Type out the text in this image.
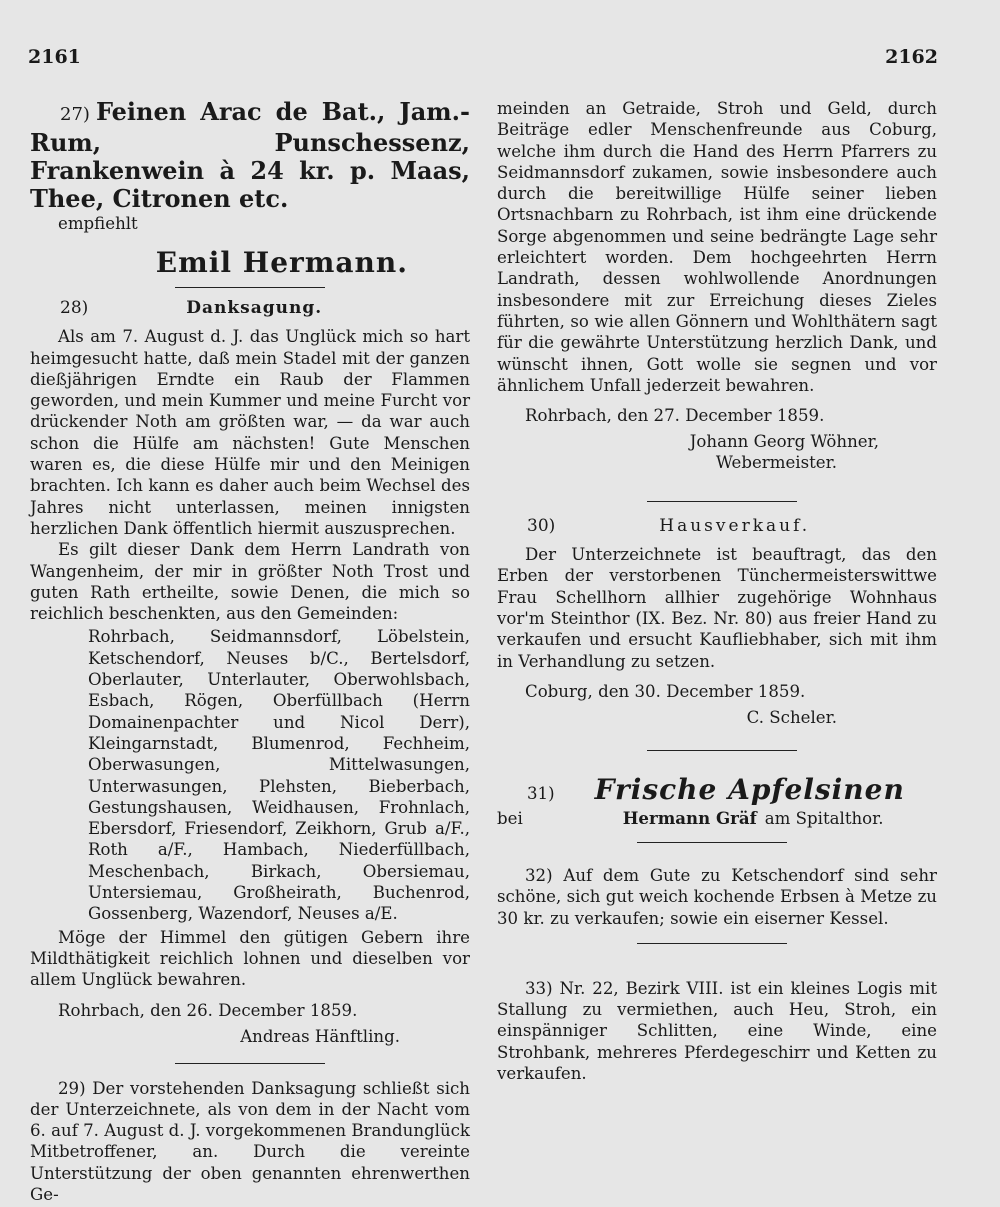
2161	2162

27) Feinen Arac de Bat., Jam.-Rum, Punschessenz, Frankenwein à 24 kr. p. Maas, Thee, Citronen etc.

empfiehlt

Emil Hermann.
28)	Danksagung.

Als am 7. August d. J. das Unglück mich so hart heimgesucht hatte, daß mein Stadel mit der ganzen dießjährigen Erndte ein Raub der Flammen geworden, und mein Kummer und meine Furcht vor drückender Noth am größten war, — da war auch schon die Hülfe am nächsten! Gute Menschen waren es, die diese Hülfe mir und den Meinigen brachten. Ich kann es daher auch beim Wechsel des Jahres nicht unterlassen, meinen innigsten herzlichen Dank öffentlich hiermit auszusprechen.

Es gilt dieser Dank dem Herrn Landrath von Wangenheim, der mir in größter Noth Trost und guten Rath ertheilte, sowie Denen, die mich so reichlich beschenkten, aus den Gemeinden:

Rohrbach, Seidmannsdorf, Löbelstein, Ketschendorf, Neuses b/C., Bertelsdorf, Oberlauter, Unterlauter, Oberwohlsbach, Esbach, Rögen, Oberfüllbach (Herrn Domainenpachter und Nicol Derr), Kleingarnstadt, Blumenrod, Fechheim, Oberwasungen, Mittelwasungen, Unterwasungen, Plehsten, Bieberbach, Gestungshausen, Weidhausen, Frohnlach, Ebersdorf, Friesendorf, Zeikhorn, Grub a/F., Roth a/F., Hambach, Niederfüllbach, Meschenbach, Birkach, Obersiemau, Untersiemau, Großheirath, Buchenrod, Gossenberg, Wazendorf, Neuses a/E.

Möge der Himmel den gütigen Gebern ihre Mildthätigkeit reichlich lohnen und dieselben vor allem Unglück bewahren.

Rohrbach, den 26. December 1859.
Andreas Hänftling.

29) Der vorstehenden Danksagung schließt sich der Unterzeichnete, als von dem in der Nacht vom 6. auf 7. August d. J. vorgekommenen Brandunglück Mitbetroffener, an. Durch die vereinte Unterstützung der oben genannten ehrenwerthen Ge-

meinden an Getraide, Stroh und Geld, durch Beiträge edler Menschenfreunde aus Coburg, welche ihm durch die Hand des Herrn Pfarrers zu Seidmannsdorf zukamen, sowie insbesondere auch durch die bereitwillige Hülfe seiner lieben Ortsnachbarn zu Rohrbach, ist ihm eine drückende Sorge abgenommen und seine bedrängte Lage sehr erleichtert worden. Dem hochgeehrten Herrn Landrath, dessen wohlwollende Anordnungen insbesondere mit zur Erreichung dieses Zieles führten, so wie allen Gönnern und Wohlthätern sagt für die gewährte Unterstützung herzlich Dank, und wünscht ihnen, Gott wolle sie segnen und vor ähnlichem Unfall jederzeit bewahren.

Rohrbach, den 27. December 1859.
Johann Georg Wöhner,
Webermeister.
30)	Hausverkauf.

Der Unterzeichnete ist beauftragt, das den Erben der verstorbenen Tünchermeisterswittwe Frau Schellhorn allhier zugehörige Wohnhaus vor'm Steinthor (IX. Bez. Nr. 80) aus freier Hand zu verkaufen und ersucht Kaufliebhaber, sich mit ihm in Verhandlung zu setzen.

Coburg, den 30. December 1859.
C. Scheler.
31) Frische Apfelsinen
bei	Hermann Gräf am Spitalthor.

32) Auf dem Gute zu Ketschendorf sind sehr schöne, sich gut weich kochende Erbsen à Metze zu 30 kr. zu verkaufen; sowie ein eiserner Kessel.

33) Nr. 22, Bezirk VIII. ist ein kleines Logis mit Stallung zu vermiethen, auch Heu, Stroh, ein einspänniger Schlitten, eine Winde, eine Strohbank, mehreres Pferdegeschirr und Ketten zu verkaufen.
